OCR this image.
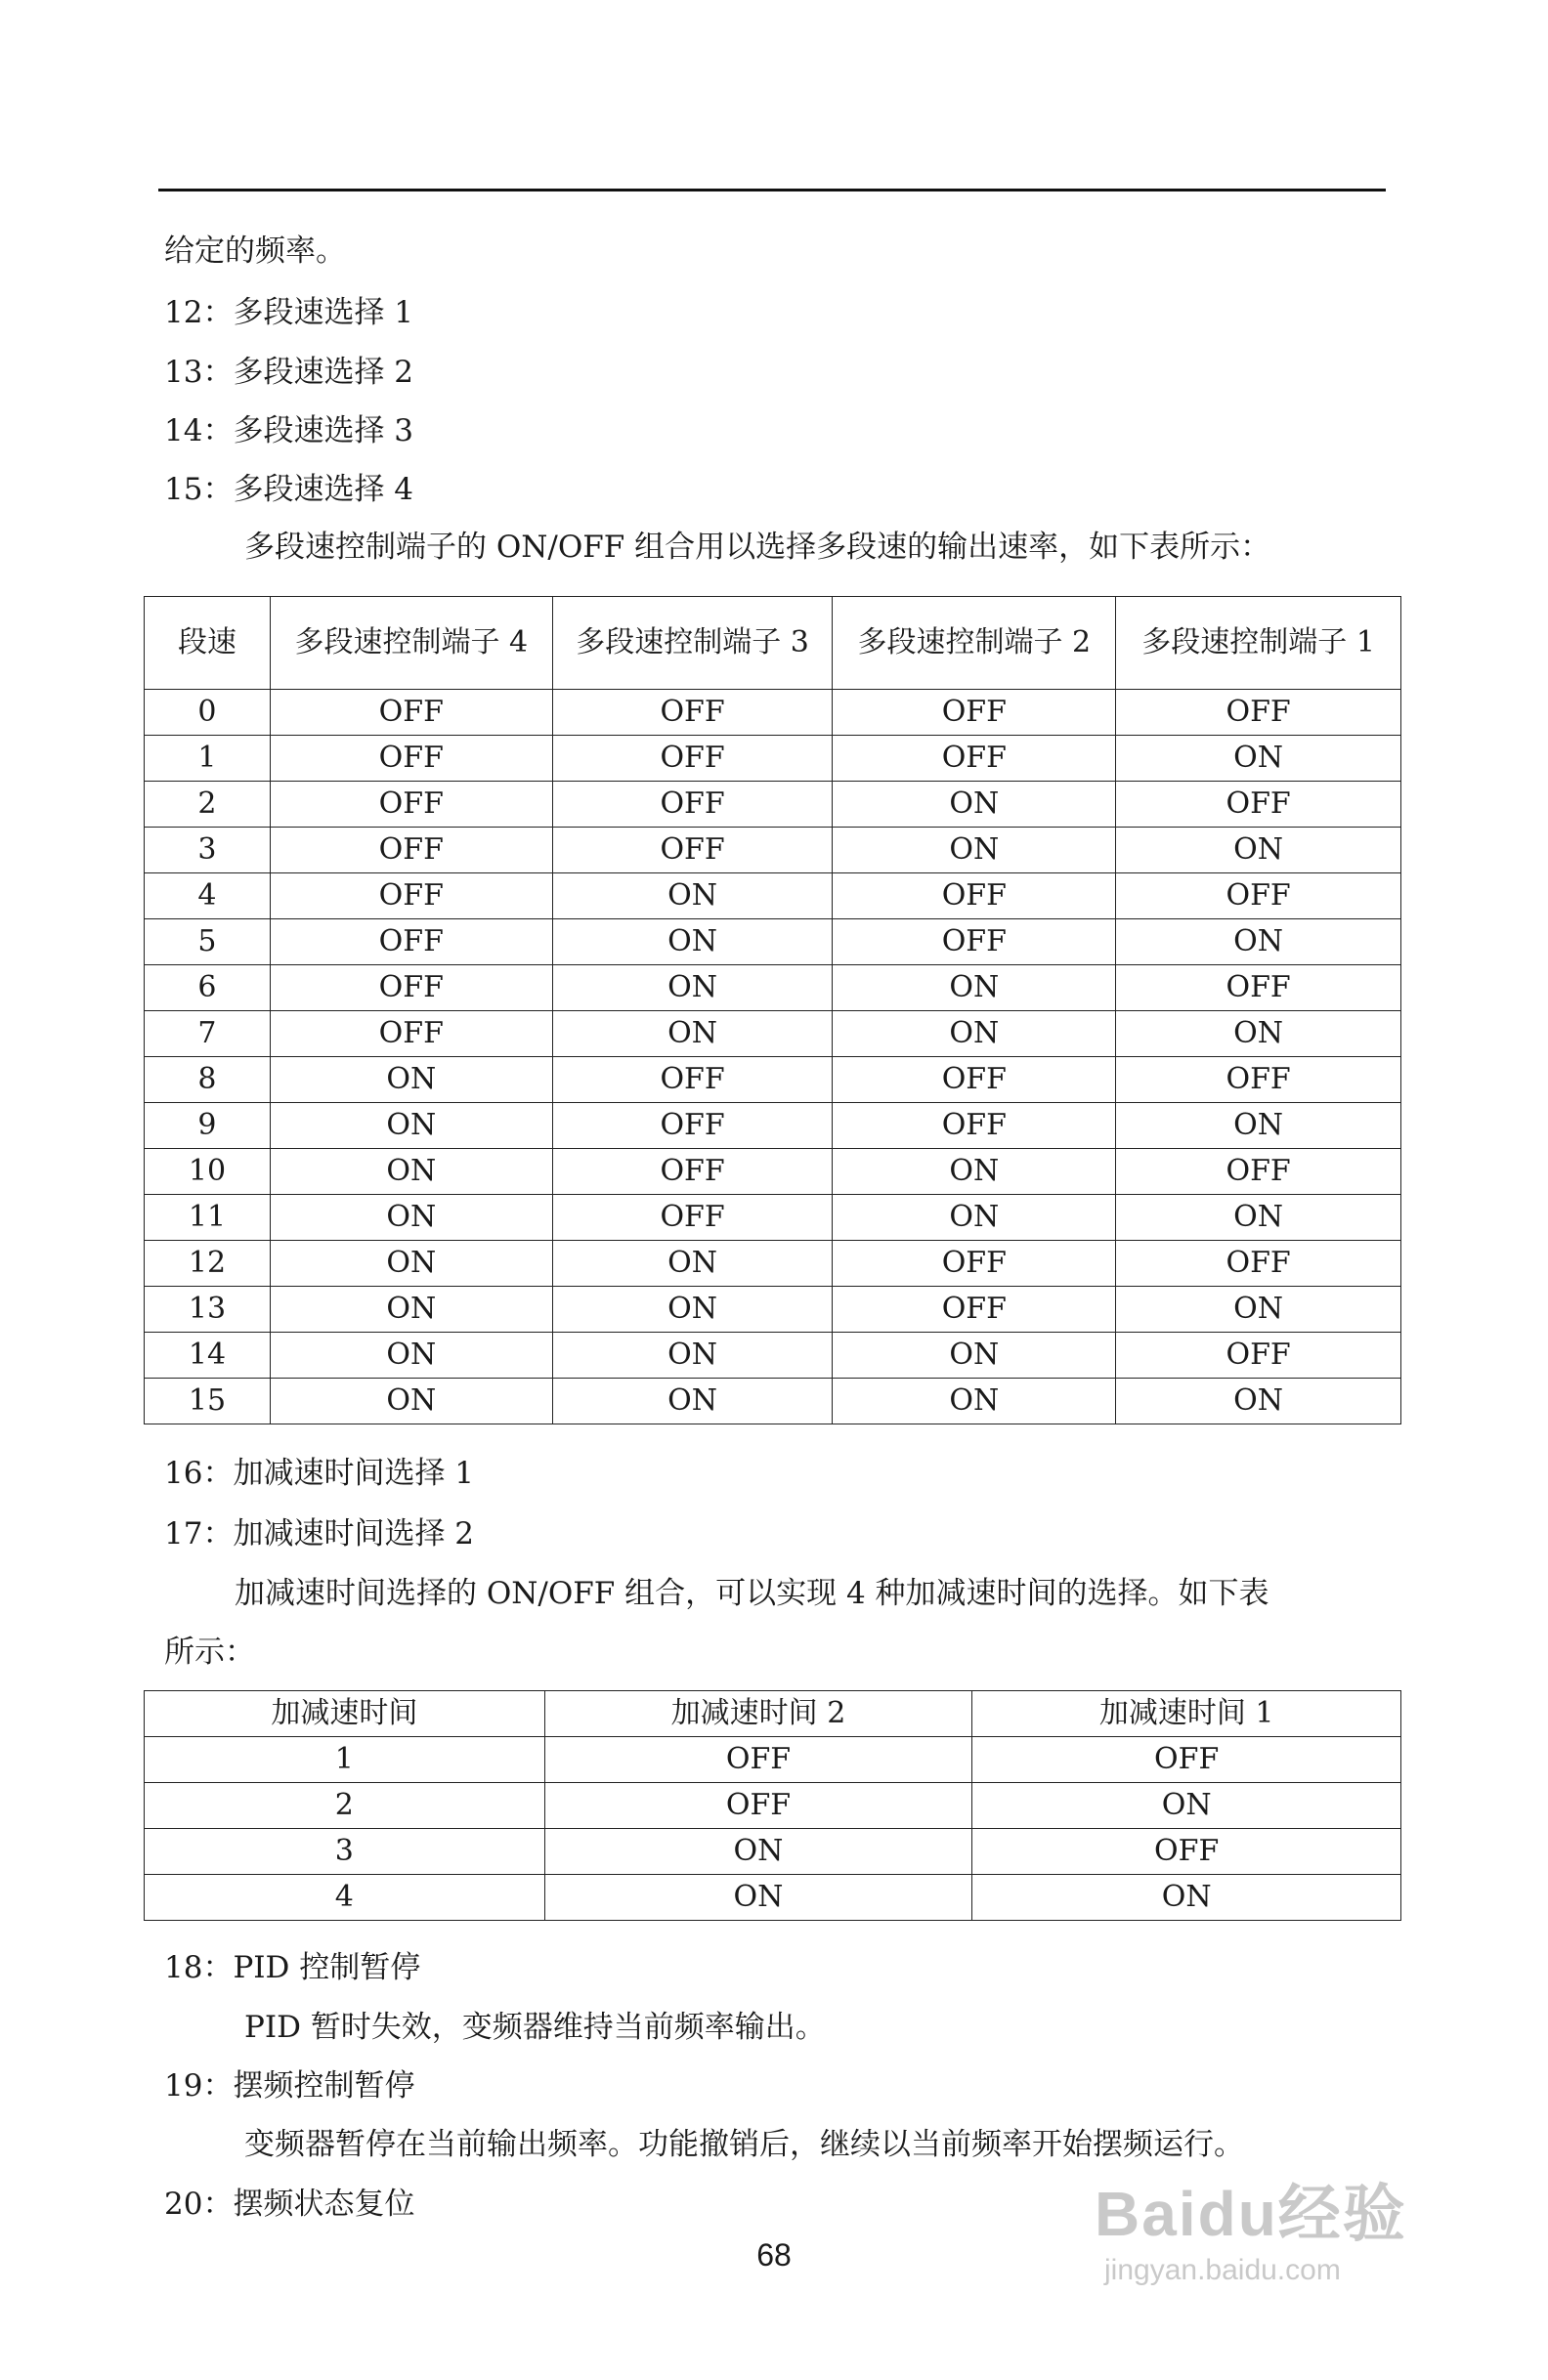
给定的频率。
12：多段速选择 1
13：多段速选择 2
14：多段速选择 3
15：多段速选择 4
多段速控制端子的 ON/OFF 组合用以选择多段速的输出速率，如下表所示：
段速	多段速控制端子 4	多段速控制端子 3	多段速控制端子 2	多段速控制端子 1
0	OFF	OFF	OFF	OFF
1	OFF	OFF	OFF	ON
2	OFF	OFF	ON	OFF
3	OFF	OFF	ON	ON
4	OFF	ON	OFF	OFF
5	OFF	ON	OFF	ON
6	OFF	ON	ON	OFF
7	OFF	ON	ON	ON
8	ON	OFF	OFF	OFF
9	ON	OFF	OFF	ON
10	ON	OFF	ON	OFF
11	ON	OFF	ON	ON
12	ON	ON	OFF	OFF
13	ON	ON	OFF	ON
14	ON	ON	ON	OFF
15	ON	ON	ON	ON
16：加减速时间选择 1
17：加减速时间选择 2
加减速时间选择的 ON/OFF 组合，可以实现 4 种加减速时间的选择。如下表
所示：
加减速时间	加减速时间 2	加减速时间 1
1	OFF	OFF
2	OFF	ON
3	ON	OFF
4	ON	ON
18：PID 控制暂停
PID 暂时失效，变频器维持当前频率输出。
19：摆频控制暂停
变频器暂停在当前输出频率。功能撤销后，继续以当前频率开始摆频运行。
20：摆频状态复位
68
Baidu经验
jingyan.baidu.com
